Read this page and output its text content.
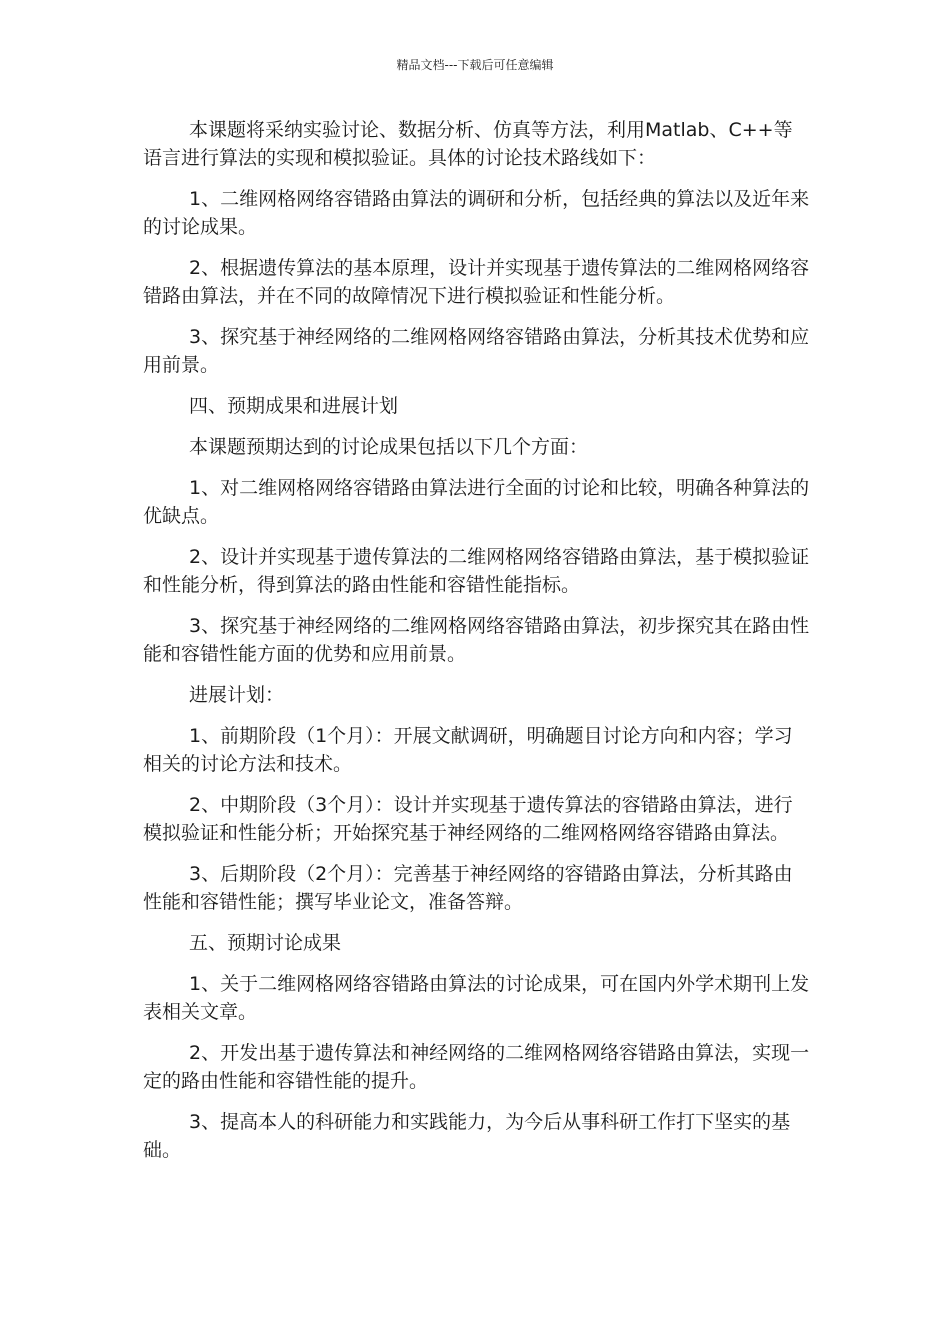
精品文档---下载后可任意编辑

本课题将采纳实验讨论、数据分析、仿真等方法，利用Matlab、C++等语言进行算法的实现和模拟验证。具体的讨论技术路线如下：

1、二维网格网络容错路由算法的调研和分析，包括经典的算法以及近年来的讨论成果。

2、根据遗传算法的基本原理，设计并实现基于遗传算法的二维网格网络容错路由算法，并在不同的故障情况下进行模拟验证和性能分析。

3、探究基于神经网络的二维网格网络容错路由算法，分析其技术优势和应用前景。

四、预期成果和进展计划

本课题预期达到的讨论成果包括以下几个方面：

1、对二维网格网络容错路由算法进行全面的讨论和比较，明确各种算法的优缺点。

2、设计并实现基于遗传算法的二维网格网络容错路由算法，基于模拟验证和性能分析，得到算法的路由性能和容错性能指标。

3、探究基于神经网络的二维网格网络容错路由算法，初步探究其在路由性能和容错性能方面的优势和应用前景。

进展计划：

1、前期阶段（1个月）：开展文献调研，明确题目讨论方向和内容；学习相关的讨论方法和技术。

2、中期阶段（3个月）：设计并实现基于遗传算法的容错路由算法，进行模拟验证和性能分析；开始探究基于神经网络的二维网格网络容错路由算法。

3、后期阶段（2个月）：完善基于神经网络的容错路由算法，分析其路由性能和容错性能；撰写毕业论文，准备答辩。

五、预期讨论成果

1、关于二维网格网络容错路由算法的讨论成果，可在国内外学术期刊上发表相关文章。

2、开发出基于遗传算法和神经网络的二维网格网络容错路由算法，实现一定的路由性能和容错性能的提升。

3、提高本人的科研能力和实践能力，为今后从事科研工作打下坚实的基础。
